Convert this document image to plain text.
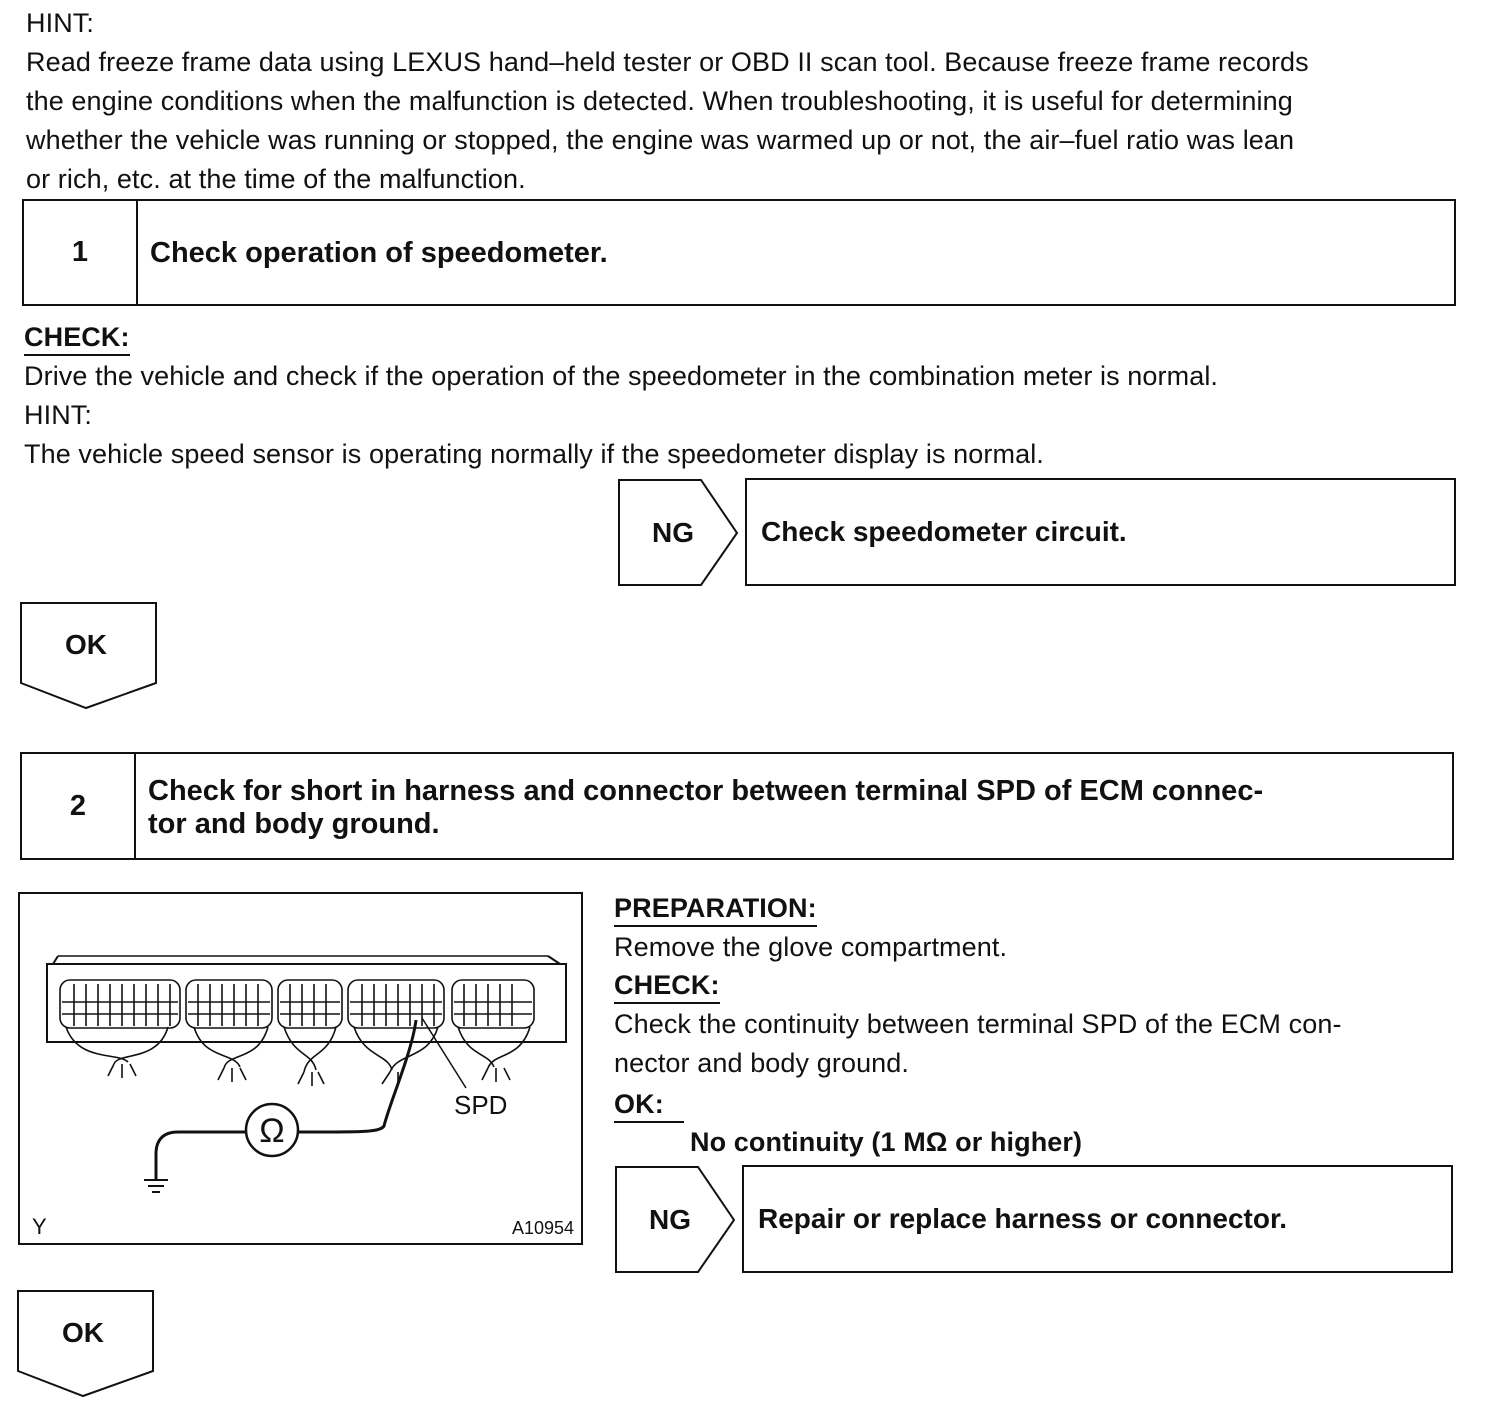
HINT:
Read freeze frame data using LEXUS hand–held tester or OBD II scan tool. Because freeze frame records
the engine conditions when the malfunction is detected. When troubleshooting, it is useful for determining
whether the vehicle was running or stopped, the engine was warmed up or not, the air–fuel ratio was lean
or rich, etc. at the time of the malfunction.
1	Check operation of speedometer.
CHECK:
Drive the vehicle and check if the operation of the speedometer in the combination meter is normal.
HINT:
The vehicle speed sensor is operating normally if the speedometer display is normal.
NG Check speedometer circuit.
OK
2	Check for short in harness and connector between terminal SPD of ECM connec-
tor and body ground.
SPD
Ω
Y	A10954
PREPARATION:
Remove the glove compartment.
CHECK:
Check the continuity between terminal SPD of the ECM con-
nector and body ground.
OK:
No continuity (1 MΩ or higher)
NG Repair or replace harness or connector.
OK
